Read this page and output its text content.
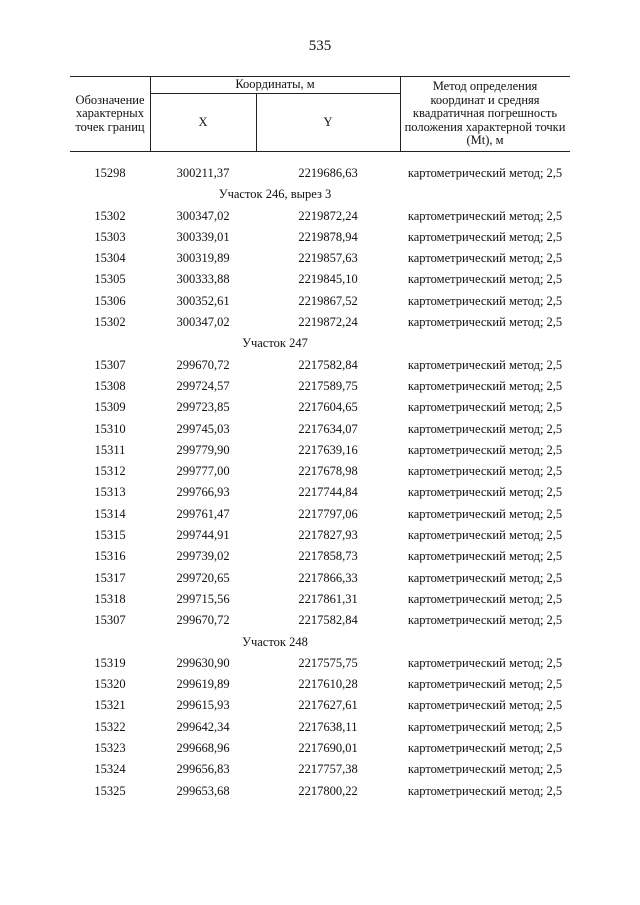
535
Обозначение характерных точек границ
Координаты, м
X	Y
Метод определения координат и средняя квадратичная погрешность положения характерной точки (Mt), м
15298	300211,37	2219686,63	картометрический метод; 2,5
Участок 246, вырез 3
15302	300347,02	2219872,24	картометрический метод; 2,5
15303	300339,01	2219878,94	картометрический метод; 2,5
15304	300319,89	2219857,63	картометрический метод; 2,5
15305	300333,88	2219845,10	картометрический метод; 2,5
15306	300352,61	2219867,52	картометрический метод; 2,5
15302	300347,02	2219872,24	картометрический метод; 2,5
Участок 247
15307	299670,72	2217582,84	картометрический метод; 2,5
15308	299724,57	2217589,75	картометрический метод; 2,5
15309	299723,85	2217604,65	картометрический метод; 2,5
15310	299745,03	2217634,07	картометрический метод; 2,5
15311	299779,90	2217639,16	картометрический метод; 2,5
15312	299777,00	2217678,98	картометрический метод; 2,5
15313	299766,93	2217744,84	картометрический метод; 2,5
15314	299761,47	2217797,06	картометрический метод; 2,5
15315	299744,91	2217827,93	картометрический метод; 2,5
15316	299739,02	2217858,73	картометрический метод; 2,5
15317	299720,65	2217866,33	картометрический метод; 2,5
15318	299715,56	2217861,31	картометрический метод; 2,5
15307	299670,72	2217582,84	картометрический метод; 2,5
Участок 248
15319	299630,90	2217575,75	картометрический метод; 2,5
15320	299619,89	2217610,28	картометрический метод; 2,5
15321	299615,93	2217627,61	картометрический метод; 2,5
15322	299642,34	2217638,11	картометрический метод; 2,5
15323	299668,96	2217690,01	картометрический метод; 2,5
15324	299656,83	2217757,38	картометрический метод; 2,5
15325	299653,68	2217800,22	картометрический метод; 2,5
